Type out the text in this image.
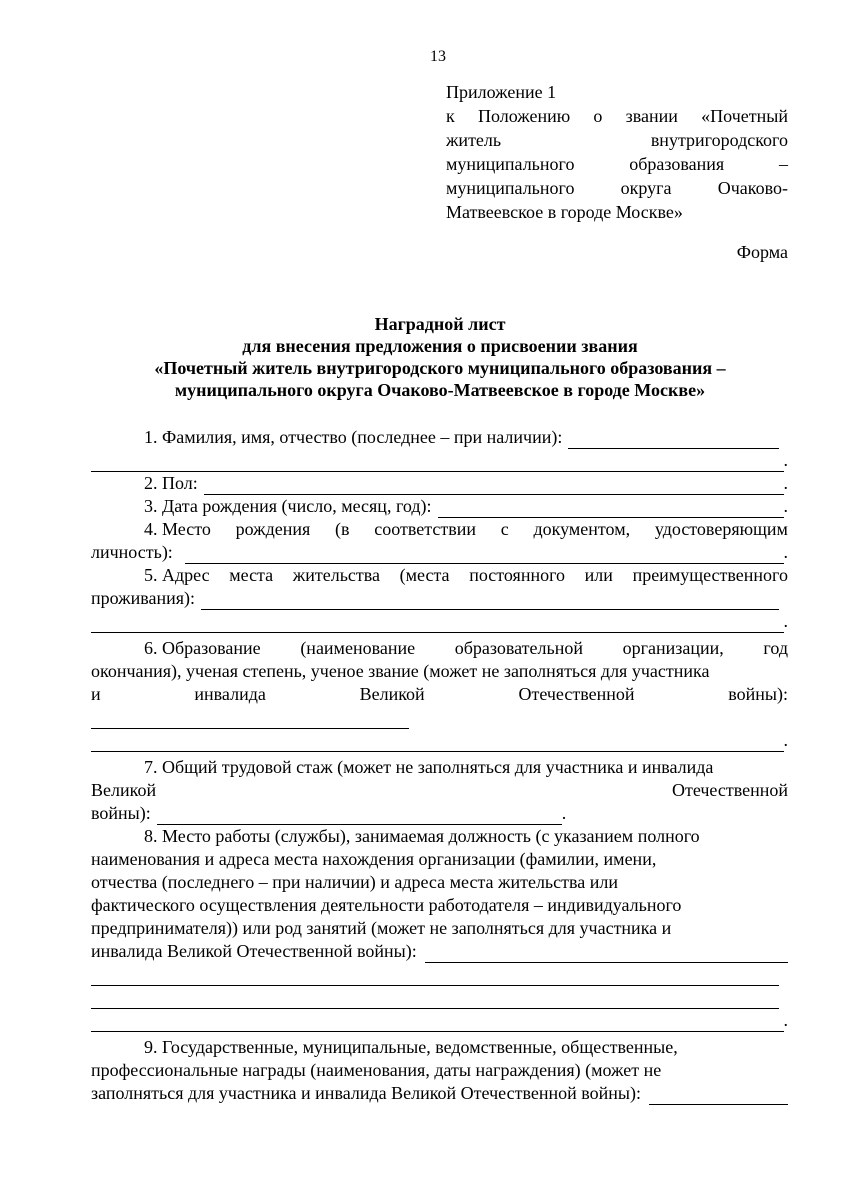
13
Приложение 1
к Положению о звании «Почетный
житель	внутригородского
муниципального	образования	–
муниципального	округа	Очаково-
Матвеевское в городе Москве»
Форма
Наградной лист
для внесения предложения о присвоении звания
«Почетный житель внутригородского муниципального образования –
муниципального округа Очаково-Матвеевское в городе Москве»
1. Фамилия, имя, отчество (последнее – при наличии):
.
2. Пол:	.
3. Дата рождения (число, месяц, год):	.
4. Место рождения (в соответствии с документом, удостоверяющим
личность):	.
5. Адрес места жительства (места постоянного или преимущественного
проживания):
.
6. Образование (наименование образовательной организации, год
окончания), ученая степень, ученое звание (может не заполняться для участника
и	инвалида	Великой	Отечественной	войны):
.
7. Общий трудовой стаж (может не заполняться для участника и инвалида
Великой	Отечественной
войны):	.
8. Место работы (службы), занимаемая должность (с указанием полного
наименования и адреса места нахождения организации (фамилии, имени,
отчества (последнего – при наличии) и адреса места жительства или
фактического осуществления деятельности работодателя – индивидуального
предпринимателя)) или род занятий (может не заполняться для участника и
инвалида Великой Отечественной войны):
.
9. Государственные, муниципальные, ведомственные, общественные,
профессиональные награды (наименования, даты награждения) (может не
заполняться для участника и инвалида Великой Отечественной войны):
